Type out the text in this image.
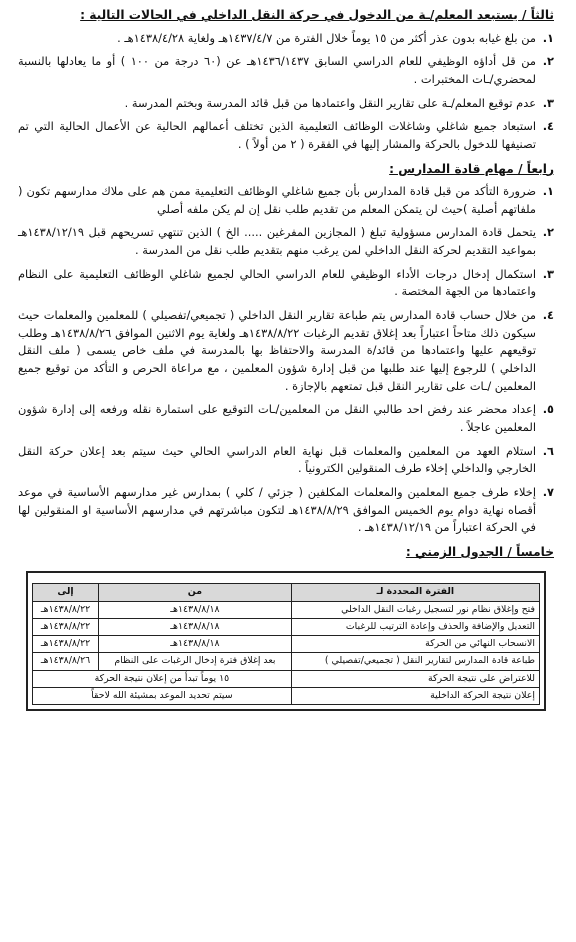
ثالثاً / يستبعد المعلم/ـة من الدخول في حركة النقل الداخلي في الحالات التالية :
١.
من بلغ غيابه بدون عذر أكثر من ١٥ يوماً خلال الفترة من ١٤٣٧/٤/٧هـ ولغاية ١٤٣٨/٤/٢٨هـ .
٢.
من قل أداؤه الوظيفي للعام الدراسي السابق ١٤٣٦/١٤٣٧هـ عن (٦٠ درجة من ١٠٠ ) أو ما يعادلها بالنسبة لمحضري/ـات المختبرات .
٣.
عدم توقيع المعلم/ـة على تقارير النقل واعتمادها من قبل قائد المدرسة وبختم المدرسة .
٤.
استبعاد جميع شاغلي وشاغلات الوظائف التعليمية الذين تختلف أعمالهم الحالية عن الأعمال الحالية التي تم تصنيفها للدخول بالحركة والمشار إليها في الفقرة ( ٢ من أولاً ) .
رابعاً / مهام قادة المدارس :
١.
ضرورة التأكد من قبل قادة المدارس بأن جميع شاغلي الوظائف التعليمية ممن هم على ملاك مدارسهم تكون ( ملفاتهم أصلية )حيث لن يتمكن المعلم من تقديم طلب نقل إن لم يكن ملفه أصلي
٢.
يتحمل قادة المدارس مسؤولية تبلغ ( المجازين المفرغين ..... الخ ) الذين تنتهي تسريحهم قبل ١٤٣٨/١٢/١٩هـ بمواعيد التقديم لحركة النقل الداخلي لمن يرغب منهم بتقديم طلب نقل من المدرسة .
٣.
استكمال إدخال درجات الأداء الوظيفي للعام الدراسي الحالي لجميع شاغلي الوظائف التعليمية على النظام واعتمادها من الجهة المختصة .
٤.
من خلال حساب قادة المدارس يتم طباعة تقارير النقل الداخلي ( تجميعي/تفصيلي ) للمعلمين والمعلمات حيث سيكون ذلك متاحاً اعتباراً بعد إغلاق تقديم الرغبات ١٤٣٨/٨/٢٢هـ ولغاية يوم الاثنين الموافق ١٤٣٨/٨/٢٦هـ وطلب توقيعهم عليها واعتمادها من قائد/ة المدرسة والاحتفاظ بها بالمدرسة في ملف خاص يسمى ( ملف النقل الداخلي ) للرجوع إليها عند طلبها من قبل إدارة شؤون المعلمين ، مع مراعاة الحرص و التأكد من توقيع جميع المعلمين /ـات على تقارير النقل قبل تمتعهم بالإجازة .
٥.
إعداد محضر عند رفض احد طالبي النقل من المعلمين/ـات التوقيع على استمارة نقله ورفعه إلى إدارة شؤون المعلمين عاجلاً .
٦.
استلام العهد من المعلمين والمعلمات قبل نهاية العام الدراسي الحالي حيث سيتم بعد إعلان حركة النقل الخارجي والداخلي إخلاء طرف المنقولين الكترونياً .
٧.
إخلاء طرف جميع المعلمين والمعلمات المكلفين ( جزئي / كلي ) بمدارس غير مدارسهم الأساسية في موعد أقصاه نهاية دوام يوم الخميس الموافق ١٤٣٨/٨/٢٩هـ لتكون مباشرتهم في مدارسهم الأساسية او المنقولين لها في الحركة اعتباراً من ١٤٣٨/١٢/١٩هـ .
خامساً / الجدول الزمني :
الفترة المحددة لـ	من	إلى
فتح وإغلاق نظام نور لتسجيل رغبات النقل الداخلي	١٤٣٨/٨/١٨هـ	١٤٣٨/٨/٢٢هـ
التعديل والإضافة والحذف وإعادة الترتيب للرغبات	١٤٣٨/٨/١٨هـ	١٤٣٨/٨/٢٢هـ
الانسحاب النهائي من الحركة	١٤٣٨/٨/١٨هـ	١٤٣٨/٨/٢٢هـ
طباعة قادة المدارس لتقارير النقل ( تجميعي/تفصيلي )	بعد إغلاق فترة إدخال الرغبات على النظام	١٤٣٨/٨/٢٦هـ
للاعتراض على نتيجة الحركة	١٥ يوماً تبدأ من إعلان نتيجة الحركة	
إعلان نتيجة الحركة الداخلية	سيتم تحديد الموعد بمشيئة الله لاحقاً	
